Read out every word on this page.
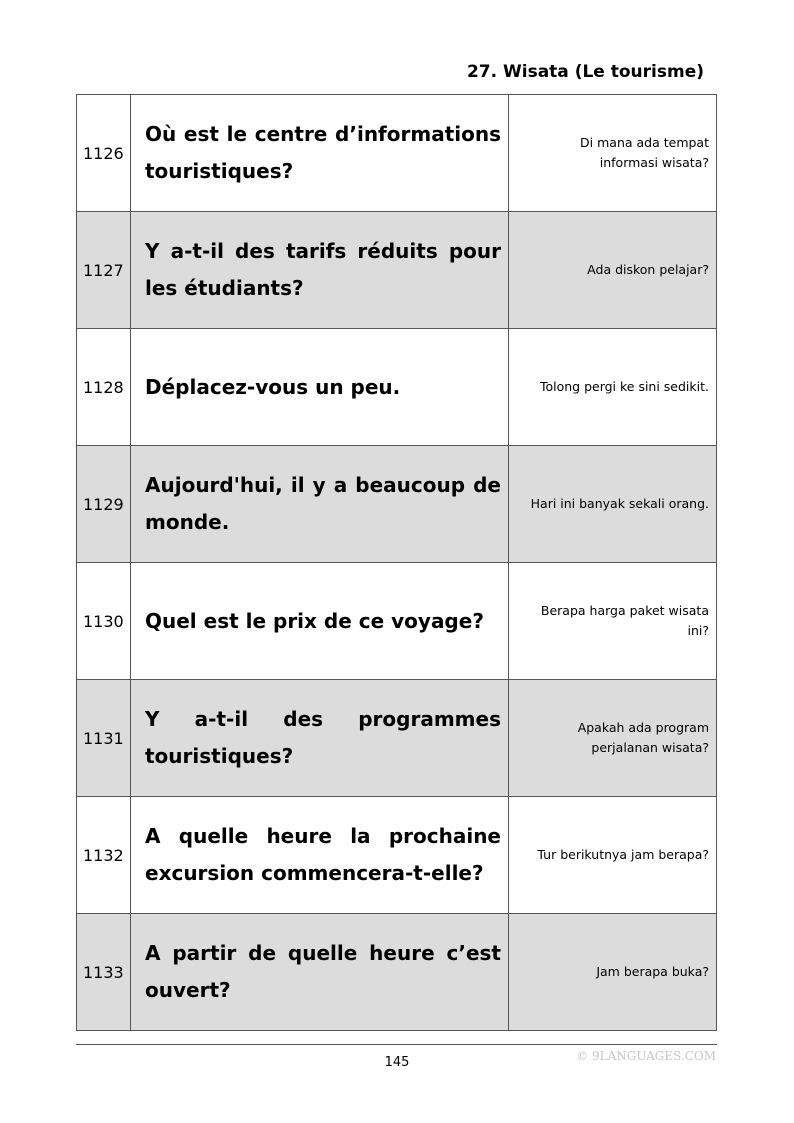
27. Wisata (Le tourisme)
1126	Où est le centre d’informations touristiques?	Di mana ada tempat informasi wisata?
1127	Y a-t-il des tarifs réduits pour les étudiants?	Ada diskon pelajar?
1128	Déplacez-vous un peu.	Tolong pergi ke sini sedikit.
1129	Aujourd'hui, il y a beaucoup de monde.	Hari ini banyak sekali orang.
1130	Quel est le prix de ce voyage?	Berapa harga paket wisata ini?
1131	Y a-t-il des programmes touristiques?	Apakah ada program perjalanan wisata?
1132	A quelle heure la prochaine excursion commencera-t-elle?	Tur berikutnya jam berapa?
1133	A partir de quelle heure c’est ouvert?	Jam berapa buka?
145	© 9LANGUAGES.COM
